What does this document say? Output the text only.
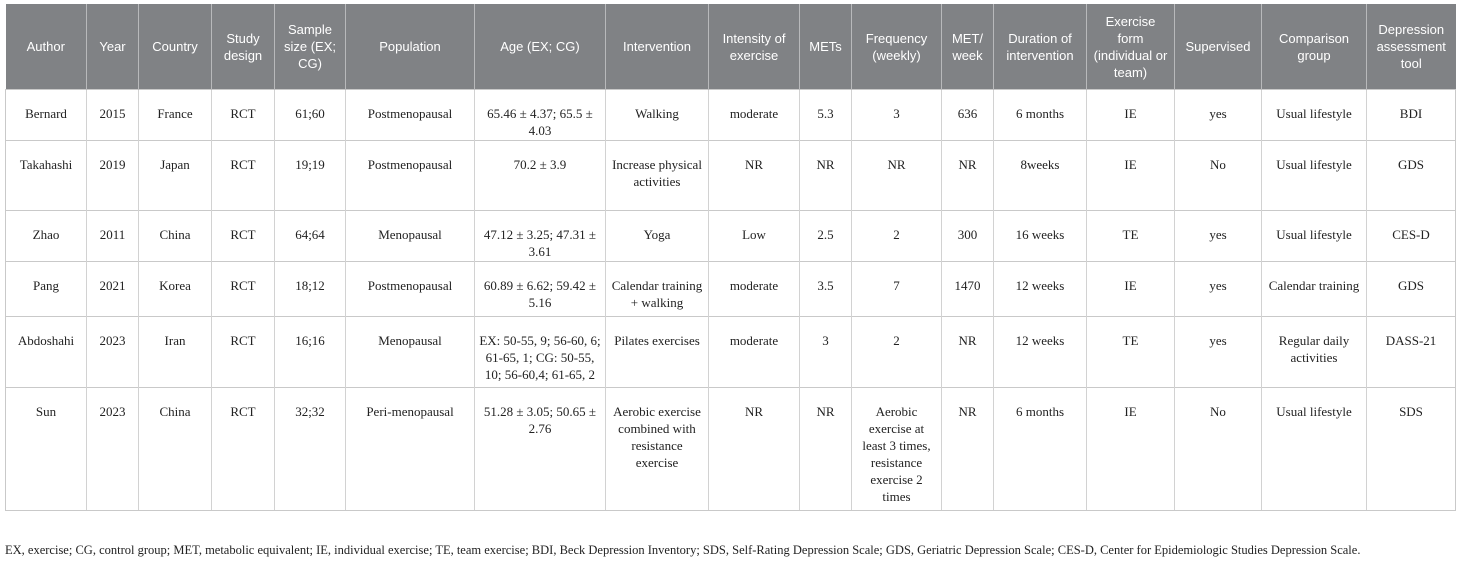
Author	Year	Country	Study design	Sample size (EX; CG)	Population	Age (EX; CG)	Intervention	Intensity of exercise	METs	Frequency (weekly)	MET/ week	Duration of intervention	Exercise form (individual or team)	Supervised	Comparison group	Depression assessment tool
Bernard	2015	France	RCT	61;60	Postmenopausal	65.46 ± 4.37; 65.5 ± 4.03	Walking	moderate	5.3	3	636	6 months	IE	yes	Usual lifestyle	BDI
Takahashi	2019	Japan	RCT	19;19	Postmenopausal	70.2 ± 3.9	Increase physical activities	NR	NR	NR	NR	8weeks	IE	No	Usual lifestyle	GDS
Zhao	2011	China	RCT	64;64	Menopausal	47.12 ± 3.25; 47.31 ± 3.61	Yoga	Low	2.5	2	300	16 weeks	TE	yes	Usual lifestyle	CES-D
Pang	2021	Korea	RCT	18;12	Postmenopausal	60.89 ± 6.62; 59.42 ± 5.16	Calendar training + walking	moderate	3.5	7	1470	12 weeks	IE	yes	Calendar training	GDS
Abdoshahi	2023	Iran	RCT	16;16	Menopausal	EX: 50-55, 9; 56-60, 6; 61-65, 1; CG: 50-55, 10; 56-60,4; 61-65, 2	Pilates exercises	moderate	3	2	NR	12 weeks	TE	yes	Regular daily activities	DASS-21
Sun	2023	China	RCT	32;32	Peri-menopausal	51.28 ± 3.05; 50.65 ± 2.76	Aerobic exercise combined with resistance exercise	NR	NR	Aerobic exercise at least 3 times, resistance exercise 2 times	NR	6 months	IE	No	Usual lifestyle	SDS
EX, exercise; CG, control group; MET, metabolic equivalent; IE, individual exercise; TE, team exercise; BDI, Beck Depression Inventory; SDS, Self-Rating Depression Scale; GDS, Geriatric Depression Scale; CES-D, Center for Epidemiologic Studies Depression Scale.
